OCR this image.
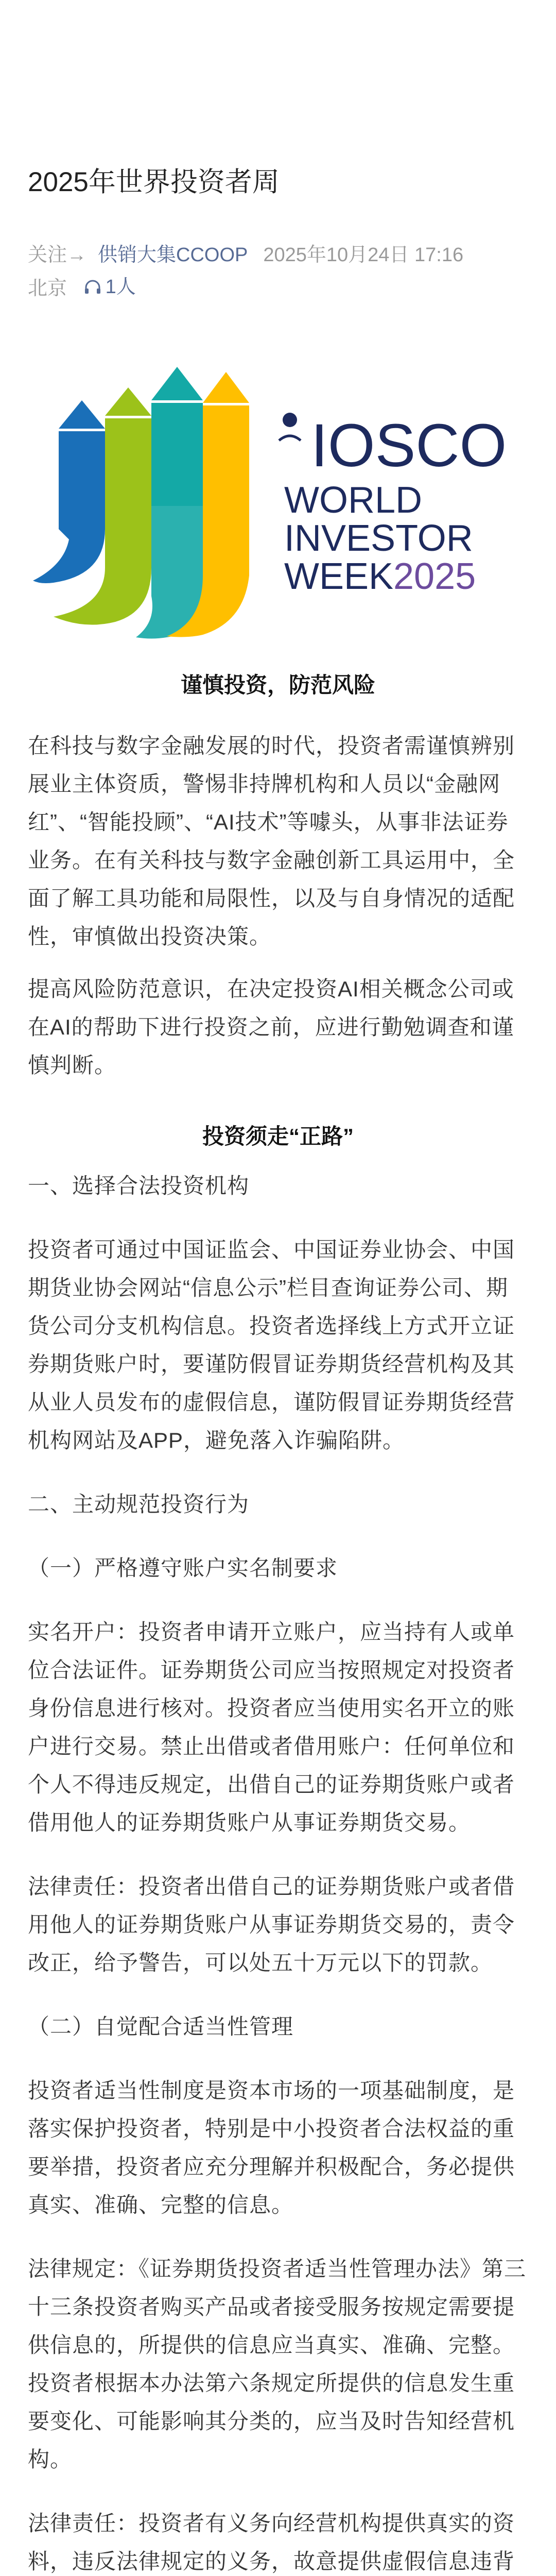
2025年世界投资者周
关注→ 供销大集CCOOP 2025年10月24日 17:16
北京 1人
IOSCO
WORLD
INVESTOR
WEEK 2025

谨慎投资，防范风险

在科技与数字金融发展的时代，投资者需谨慎辨别展业主体资质，警惕非持牌机构和人员以“金融网红”、“智能投顾”、“AI技术”等噱头，从事非法证券业务。在有关科技与数字金融创新工具运用中，全面了解工具功能和局限性，以及与自身情况的适配性，审慎做出投资决策。

提高风险防范意识，在决定投资AI相关概念公司或在AI的帮助下进行投资之前，应进行勤勉调查和谨慎判断。

投资须走“正路”

一、选择合法投资机构

投资者可通过中国证监会、中国证券业协会、中国期货业协会网站“信息公示”栏目查询证券公司、期货公司分支机构信息。投资者选择线上方式开立证券期货账户时，要谨防假冒证券期货经营机构及其从业人员发布的虚假信息，谨防假冒证券期货经营机构网站及APP，避免落入诈骗陷阱。

二、主动规范投资行为

（一）严格遵守账户实名制要求

实名开户：投资者申请开立账户，应当持有人或单位合法证件。证券期货公司应当按照规定对投资者身份信息进行核对。投资者应当使用实名开立的账户进行交易。禁止出借或者借用账户：任何单位和个人不得违反规定，出借自己的证券期货账户或者借用他人的证券期货账户从事证券期货交易。

法律责任：投资者出借自己的证券期货账户或者借用他人的证券期货账户从事证券期货交易的，责令改正，给予警告，可以处五十万元以下的罚款。

（二）自觉配合适当性管理

投资者适当性制度是资本市场的一项基础制度，是落实保护投资者，特别是中小投资者合法权益的重要举措，投资者应充分理解并积极配合，务必提供真实、准确、完整的信息。

法律规定：《证券期货投资者适当性管理办法》第三十三条投资者购买产品或者接受服务按规定需要提供信息的，所提供的信息应当真实、准确、完整。投资者根据本办法第六条规定所提供的信息发生重要变化、可能影响其分类的，应当及时告知经营机构。

法律责任：投资者有义务向经营机构提供真实的资料，违反法律规定的义务，故意提供虚假信息违背
